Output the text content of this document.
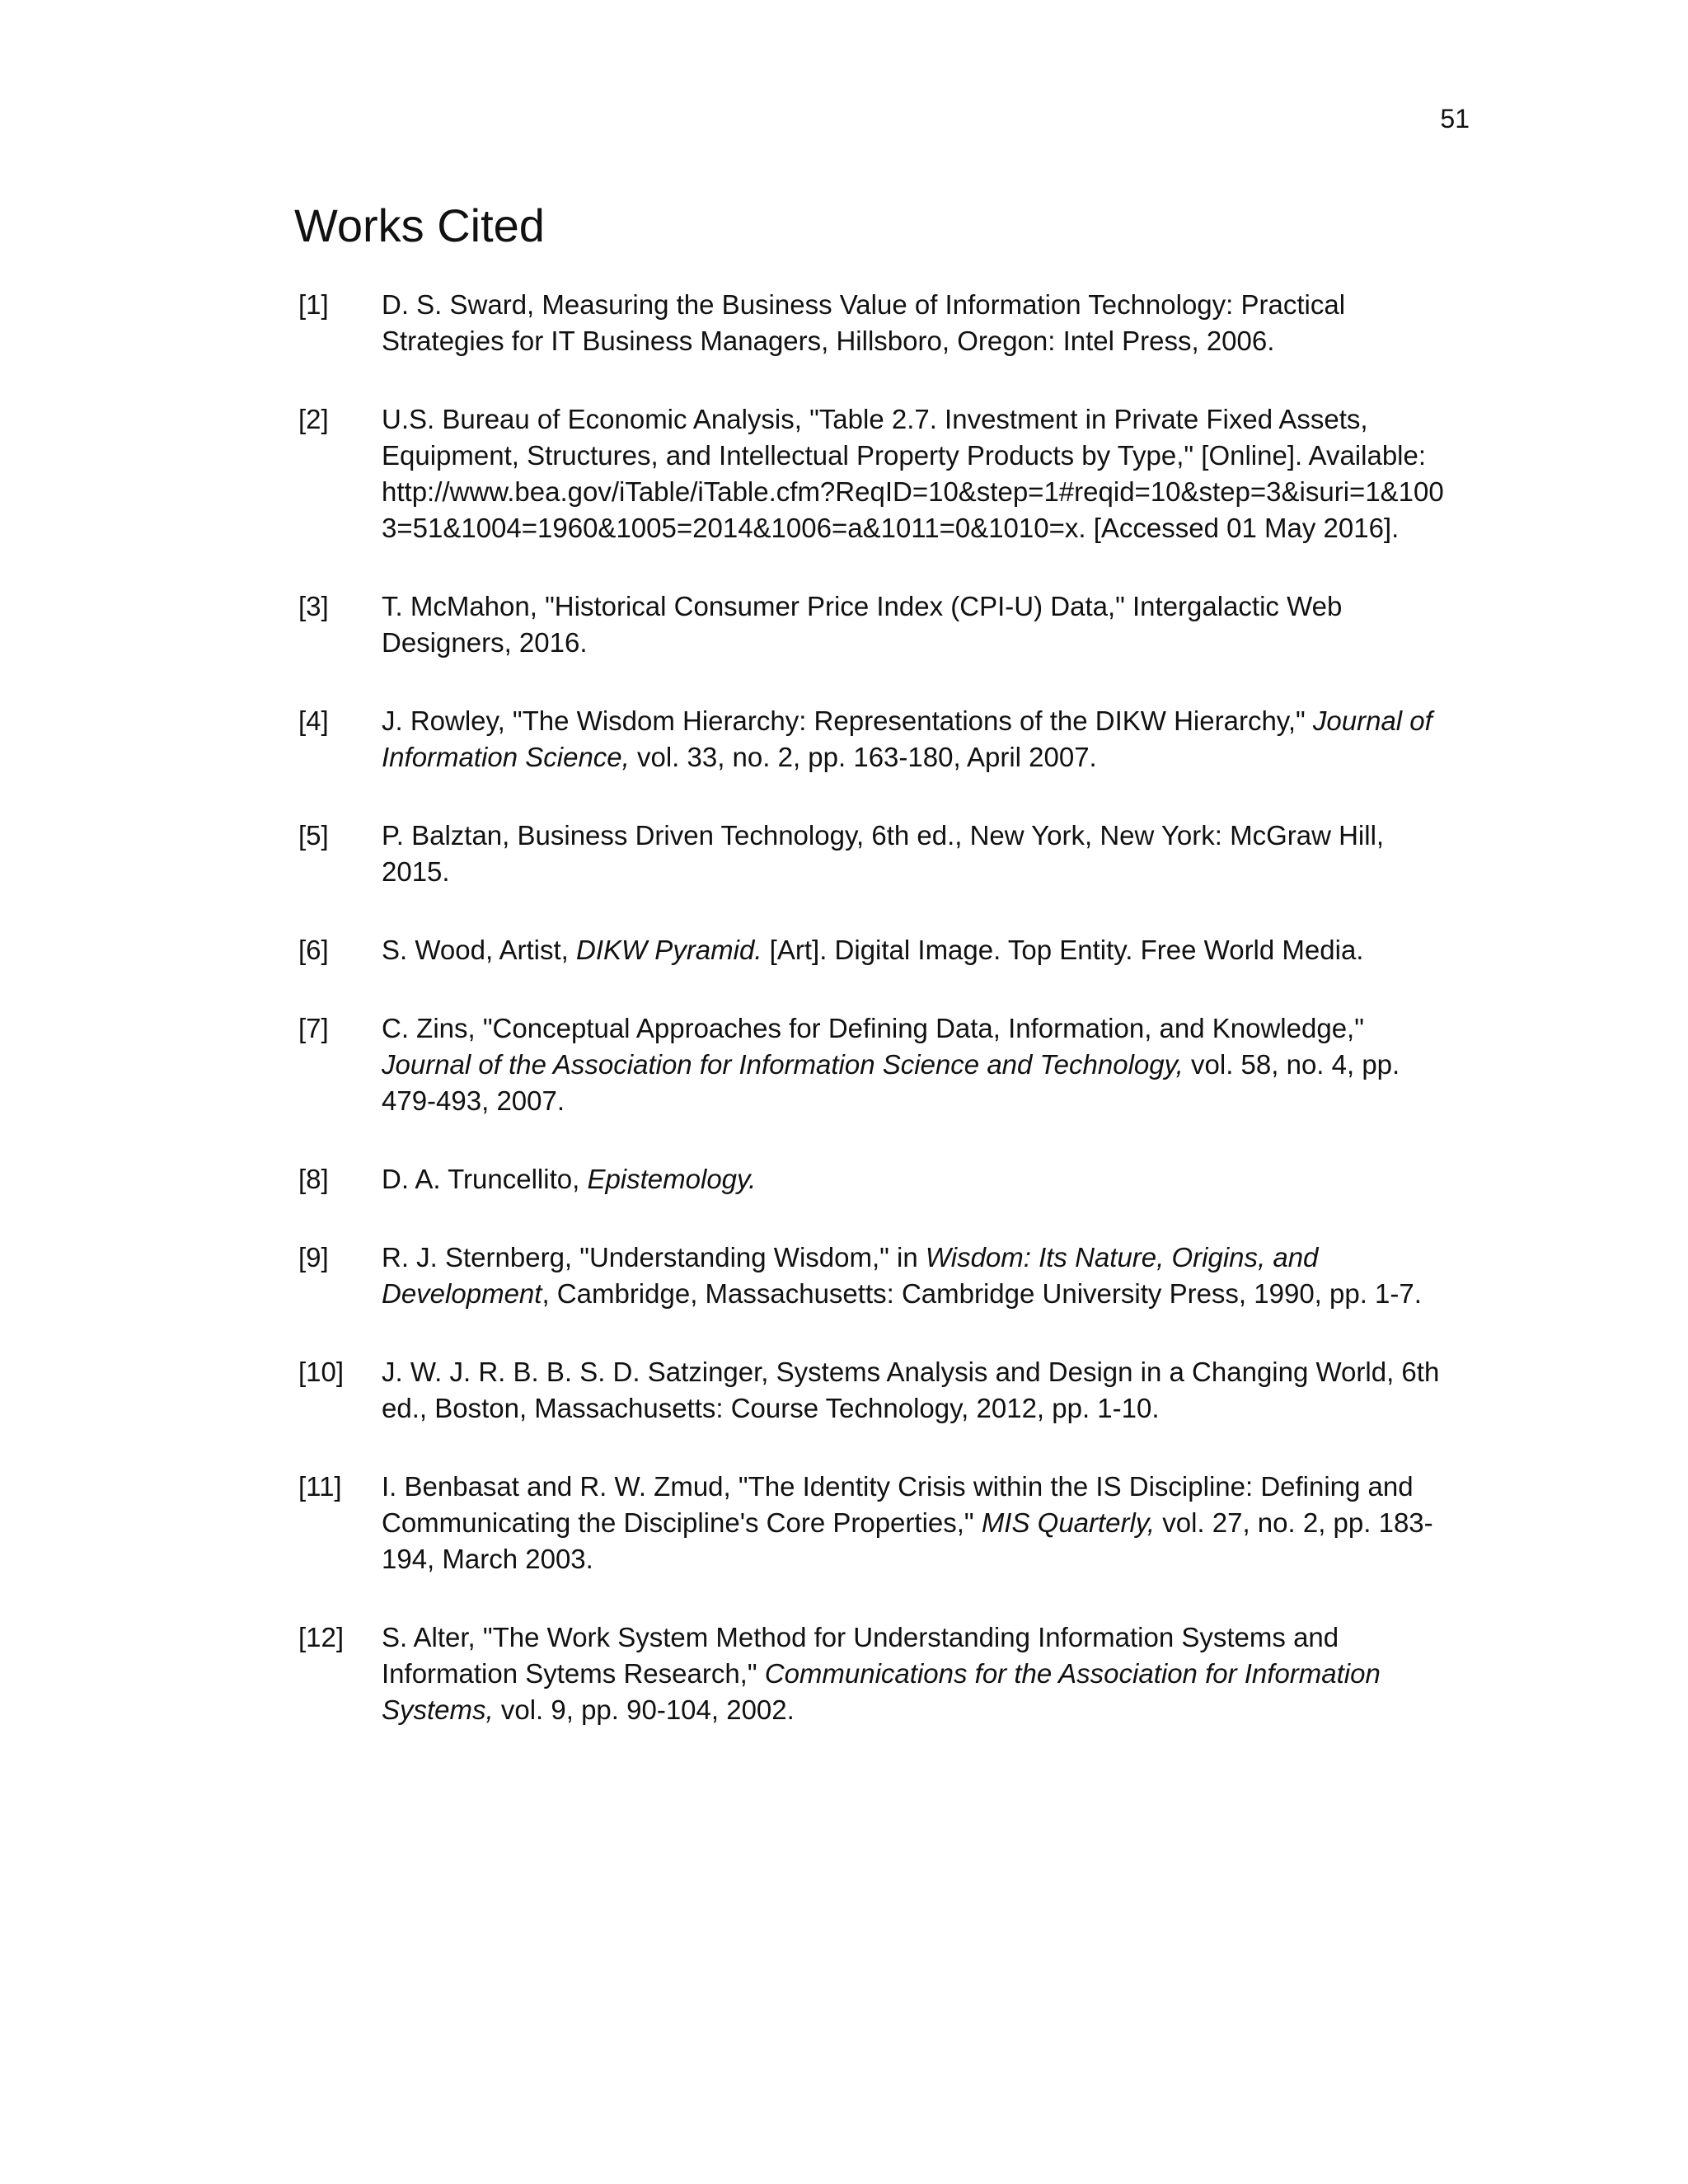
51
Works Cited
[1] D. S. Sward, Measuring the Business Value of Information Technology: Practical Strategies for IT Business Managers, Hillsboro, Oregon: Intel Press, 2006.
[2] U.S. Bureau of Economic Analysis, "Table 2.7. Investment in Private Fixed Assets, Equipment, Structures, and Intellectual Property Products by Type," [Online]. Available: http://www.bea.gov/iTable/iTable.cfm?ReqID=10&step=1#reqid=10&step=3&isuri=1&1003=51&1004=1960&1005=2014&1006=a&1011=0&1010=x. [Accessed 01 May 2016].
[3] T. McMahon, "Historical Consumer Price Index (CPI-U) Data," Intergalactic Web Designers, 2016.
[4] J. Rowley, "The Wisdom Hierarchy: Representations of the DIKW Hierarchy," Journal of Information Science, vol. 33, no. 2, pp. 163-180, April 2007.
[5] P. Balztan, Business Driven Technology, 6th ed., New York, New York: McGraw Hill, 2015.
[6] S. Wood, Artist, DIKW Pyramid. [Art]. Digital Image. Top Entity. Free World Media.
[7] C. Zins, "Conceptual Approaches for Defining Data, Information, and Knowledge," Journal of the Association for Information Science and Technology, vol. 58, no. 4, pp. 479-493, 2007.
[8] D. A. Truncellito, Epistemology.
[9] R. J. Sternberg, "Understanding Wisdom," in Wisdom: Its Nature, Origins, and Development, Cambridge, Massachusetts: Cambridge University Press, 1990, pp. 1-7.
[10] J. W. J. R. B. B. S. D. Satzinger, Systems Analysis and Design in a Changing World, 6th ed., Boston, Massachusetts: Course Technology, 2012, pp. 1-10.
[11] I. Benbasat and R. W. Zmud, "The Identity Crisis within the IS Discipline: Defining and Communicating the Discipline's Core Properties," MIS Quarterly, vol. 27, no. 2, pp. 183-194, March 2003.
[12] S. Alter, "The Work System Method for Understanding Information Systems and Information Sytems Research," Communications for the Association for Information Systems, vol. 9, pp. 90-104, 2002.
